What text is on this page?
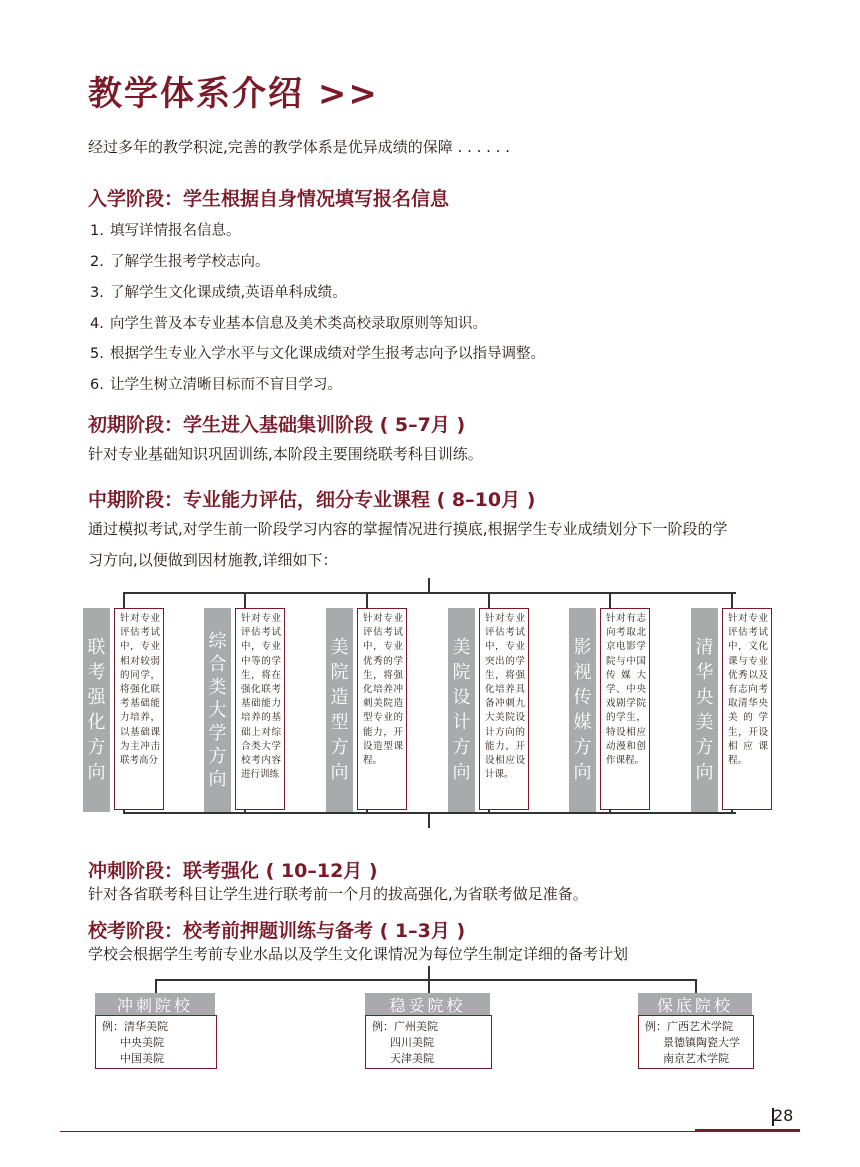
教学体系介绍 >>
经过多年的教学积淀,完善的教学体系是优异成绩的保障 . . . . . .
入学阶段：学生根据自身情况填写报名信息
1. 填写详情报名信息。
2. 了解学生报考学校志向。
3. 了解学生文化课成绩,英语单科成绩。
4. 向学生普及本专业基本信息及美术类高校录取原则等知识。
5. 根据学生专业入学水平与文化课成绩对学生报考志向予以指导调整。
6. 让学生树立清晰目标而不盲目学习。
初期阶段：学生进入基础集训阶段 ( 5–7月 )
针对专业基础知识巩固训练,本阶段主要围绕联考科目训练。
中期阶段：专业能力评估，细分专业课程 ( 8–10月 )
通过模拟考试,对学生前一阶段学习内容的掌握情况进行摸底,根据学生专业成绩划分下一阶段的学
习方向,以便做到因材施教,详细如下：
联
考
强
化
方
向
针对专业评估考试中，专业相对较弱的同学，将强化联考基础能力培养，以基础课为主冲击联考高分
综
合
类
大
学
方
向
针对专业评估考试中，专业中等的学生，将在强化联考基础能力培养的基础上对综合类大学校考内容进行训练
美
院
造
型
方
向
针对专业评估考试中，专业优秀的学生，将强化培养冲刺美院造型专业的能力，开设造型课程。
美
院
设
计
方
向
针对专业评估考试中，专业突出的学生，将强化培养具备冲刺九大美院设计方向的能力，开设相应设计课。
影
视
传
媒
方
向
针对有志向考取北京电影学院与中国传媒大学、中央戏剧学院的学生，特设相应动漫和创作课程。
清
华
央
美
方
向
针对专业评估考试中，文化课与专业优秀以及有志向考取清华央美的学生，开设相应课程。
冲刺阶段：联考强化 ( 10–12月 )
针对各省联考科目让学生进行联考前一个月的拔高强化,为省联考做足准备。
校考阶段：校考前押题训练与备考 ( 1–3月 )
学校会根据学生考前专业水品以及学生文化课情况为每位学生制定详细的备考计划
冲刺院校
例：清华美院
中央美院
中国美院
稳妥院校
例：广州美院
四川美院
天津美院
保底院校
例：广西艺术学院
景德镇陶瓷大学
南京艺术学院
28
